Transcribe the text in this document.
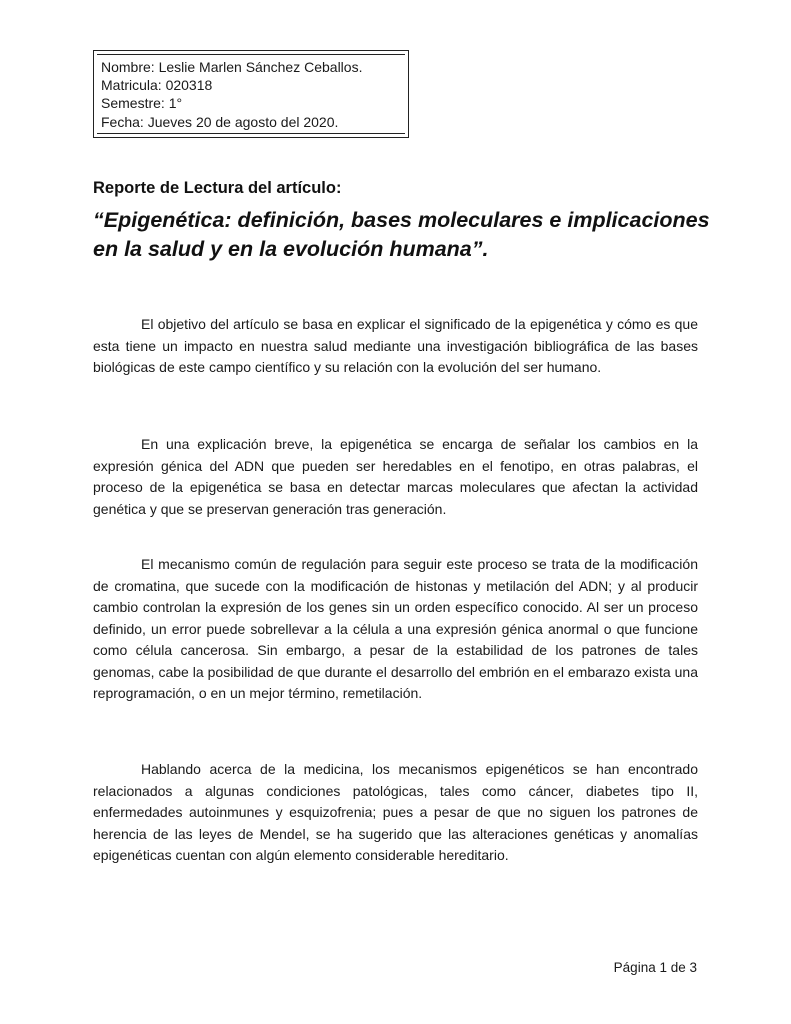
Nombre: Leslie Marlen Sánchez Ceballos.
Matricula: 020318
Semestre: 1°
Fecha: Jueves 20 de agosto del 2020.
Reporte de Lectura del artículo:
“Epigenética: definición, bases moleculares e implicaciones en la salud y en la evolución humana”.

El objetivo del artículo se basa en explicar el significado de la epigenética y cómo es que esta tiene un impacto en nuestra salud mediante una investigación bibliográfica de las bases biológicas de este campo científico y su relación con la evolución del ser humano.

En una explicación breve, la epigenética se encarga de señalar los cambios en la expresión génica del ADN que pueden ser heredables en el fenotipo, en otras palabras, el proceso de la epigenética se basa en detectar marcas moleculares que afectan la actividad genética y que se preservan generación tras generación.

El mecanismo común de regulación para seguir este proceso se trata de la modificación de cromatina, que sucede con la modificación de histonas y metilación del ADN; y al producir cambio controlan la expresión de los genes sin un orden específico conocido. Al ser un proceso definido, un error puede sobrellevar a la célula a una expresión génica anormal o que funcione como célula cancerosa. Sin embargo, a pesar de la estabilidad de los patrones de tales genomas, cabe la posibilidad de que durante el desarrollo del embrión en el embarazo exista una reprogramación, o en un mejor término, remetilación.

Hablando acerca de la medicina, los mecanismos epigenéticos se han encontrado relacionados a algunas condiciones patológicas, tales como cáncer, diabetes tipo II, enfermedades autoinmunes y esquizofrenia; pues a pesar de que no siguen los patrones de herencia de las leyes de Mendel, se ha sugerido que las alteraciones genéticas y anomalías epigenéticas cuentan con algún elemento considerable hereditario.

Página 1 de 3
